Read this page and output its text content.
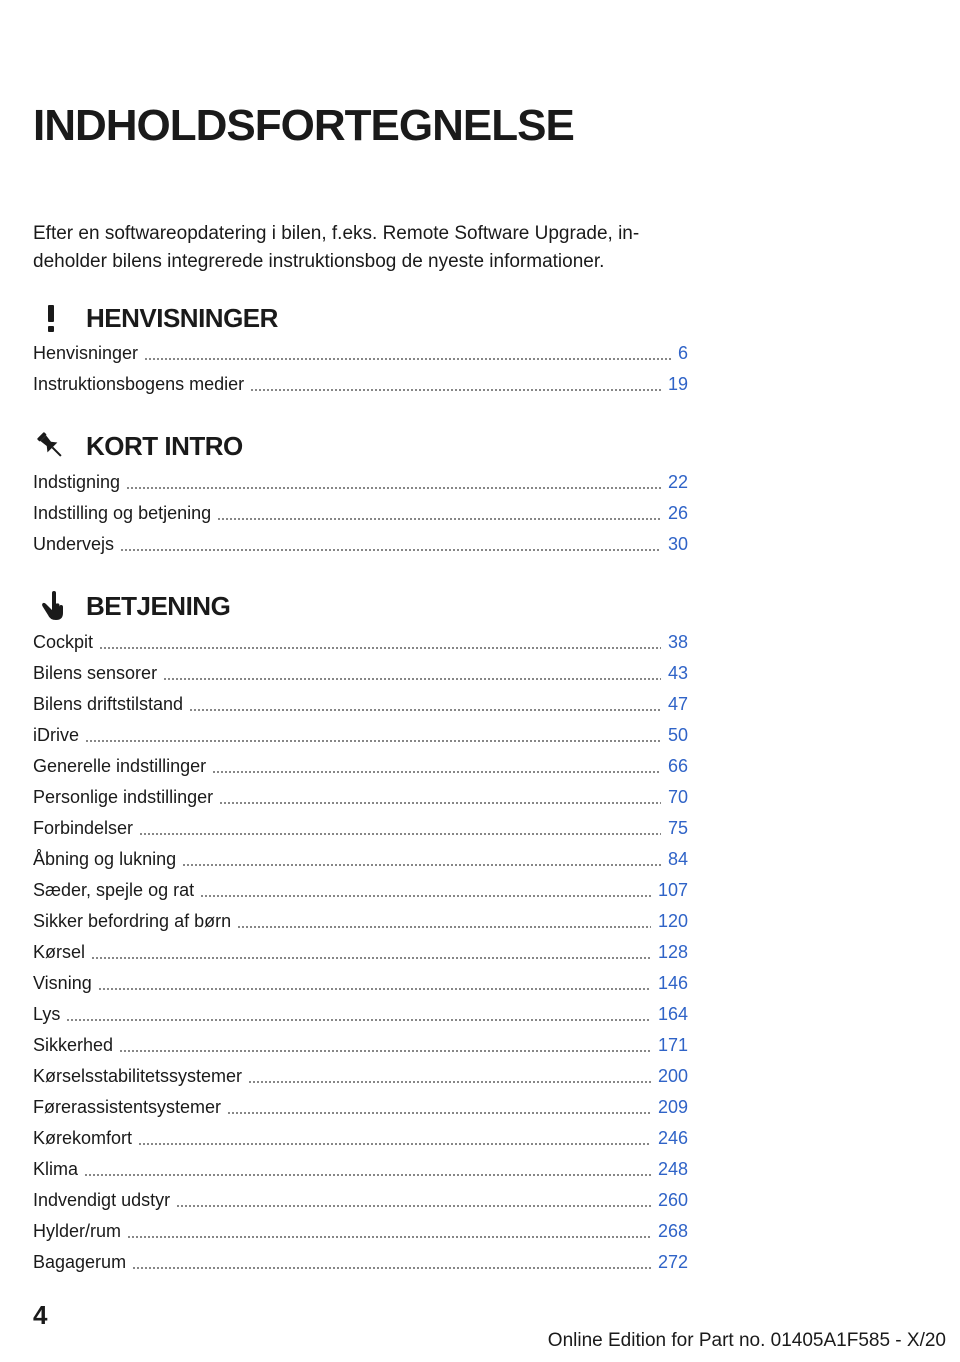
INDHOLDSFORTEGNELSE
Efter en softwareopdatering i bilen, f.eks. Remote Software Upgrade, in-
deholder bilens integrerede instruktionsbog de nyeste informationer.
HENVISNINGER
Henvisninger	6
Instruktionsbogens medier	19
KORT INTRO
Indstigning	22
Indstilling og betjening	26
Undervejs	30
BETJENING
Cockpit	38
Bilens sensorer	43
Bilens driftstilstand	47
iDrive	50
Generelle indstillinger	66
Personlige indstillinger	70
Forbindelser	75
Åbning og lukning	84
Sæder, spejle og rat	107
Sikker befordring af børn	120
Kørsel	128
Visning	146
Lys	164
Sikkerhed	171
Kørselsstabilitetssystemer	200
Førerassistentsystemer	209
Kørekomfort	246
Klima	248
Indvendigt udstyr	260
Hylder/rum	268
Bagagerum	272
4
Online Edition for Part no. 01405A1F585 - X/20
